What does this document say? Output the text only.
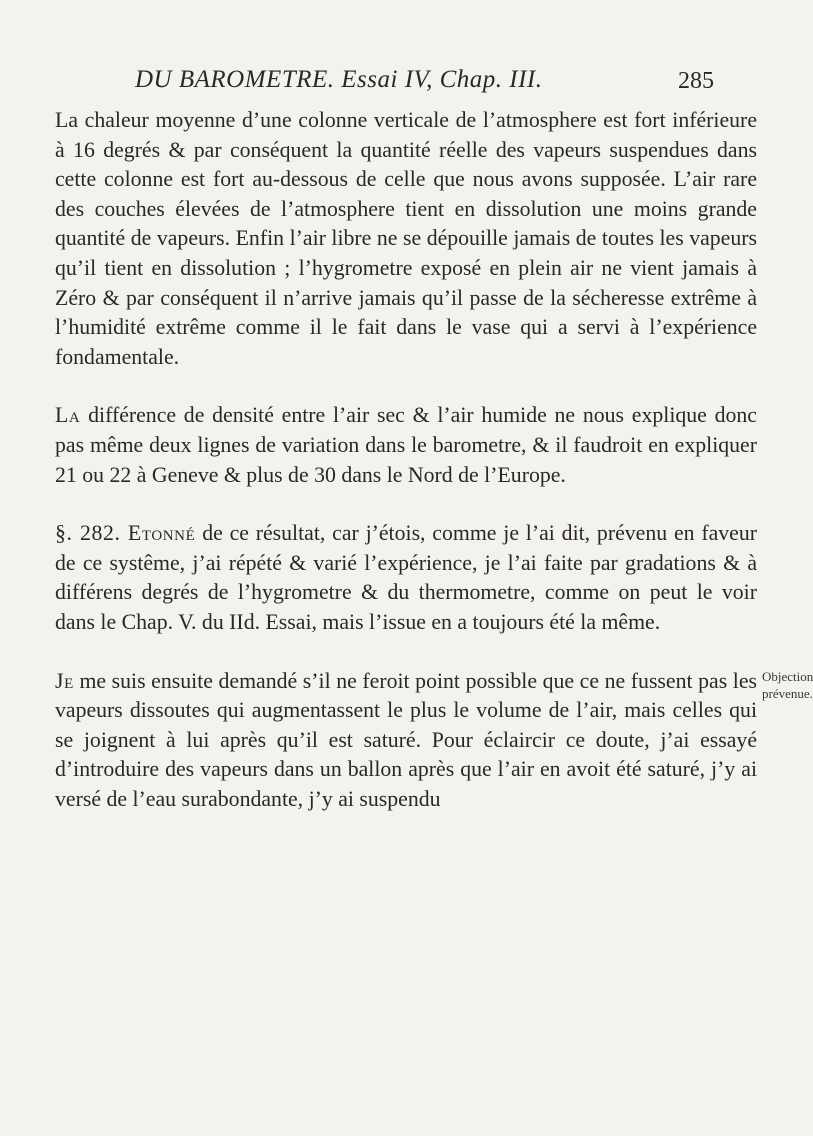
DU BAROMETRE. Essai IV, Chap. III.	285

La chaleur moyenne d’une colonne verticale de l’atmosphere est fort inférieure à 16 degrés & par conséquent la quantité réelle des vapeurs suspendues dans cette colonne est fort au-dessous de celle que nous avons supposée. L’air rare des couches élevées de l’atmosphere tient en dissolution une moins grande quantité de vapeurs. Enfin l’air libre ne se dépouille jamais de toutes les vapeurs qu’il tient en dissolution ; l’hygrometre exposé en plein air ne vient jamais à Zéro & par conséquent il n’arrive jamais qu’il passe de la sécheresse extrême à l’humidité extrême comme il le fait dans le vase qui a servi à l’expérience fondamentale.

La différence de densité entre l’air sec & l’air humide ne nous explique donc pas même deux lignes de variation dans le barometre, & il faudroit en expliquer 21 ou 22 à Geneve & plus de 30 dans le Nord de l’Europe.

§. 282. Etonné de ce résultat, car j’étois, comme je l’ai dit, prévenu en faveur de ce systême, j’ai répété & varié l’expérience, je l’ai faite par gradations & à différens degrés de l’hygrometre & du thermometre, comme on peut le voir dans le Chap. V. du IId. Essai, mais l’issue en a toujours été la même.

Je me suis ensuite demandé s’il ne feroit point possible que ce ne fussent pas les vapeurs dissoutes qui augmentassent le plus le volume de l’air, mais celles qui se joignent à lui après qu’il est saturé. Pour éclaircir ce doute, j’ai essayé d’introduire des vapeurs dans un ballon après que l’air en avoit été saturé, j’y ai versé de l’eau surabondante, j’y ai suspendu

Objection prévenue.
